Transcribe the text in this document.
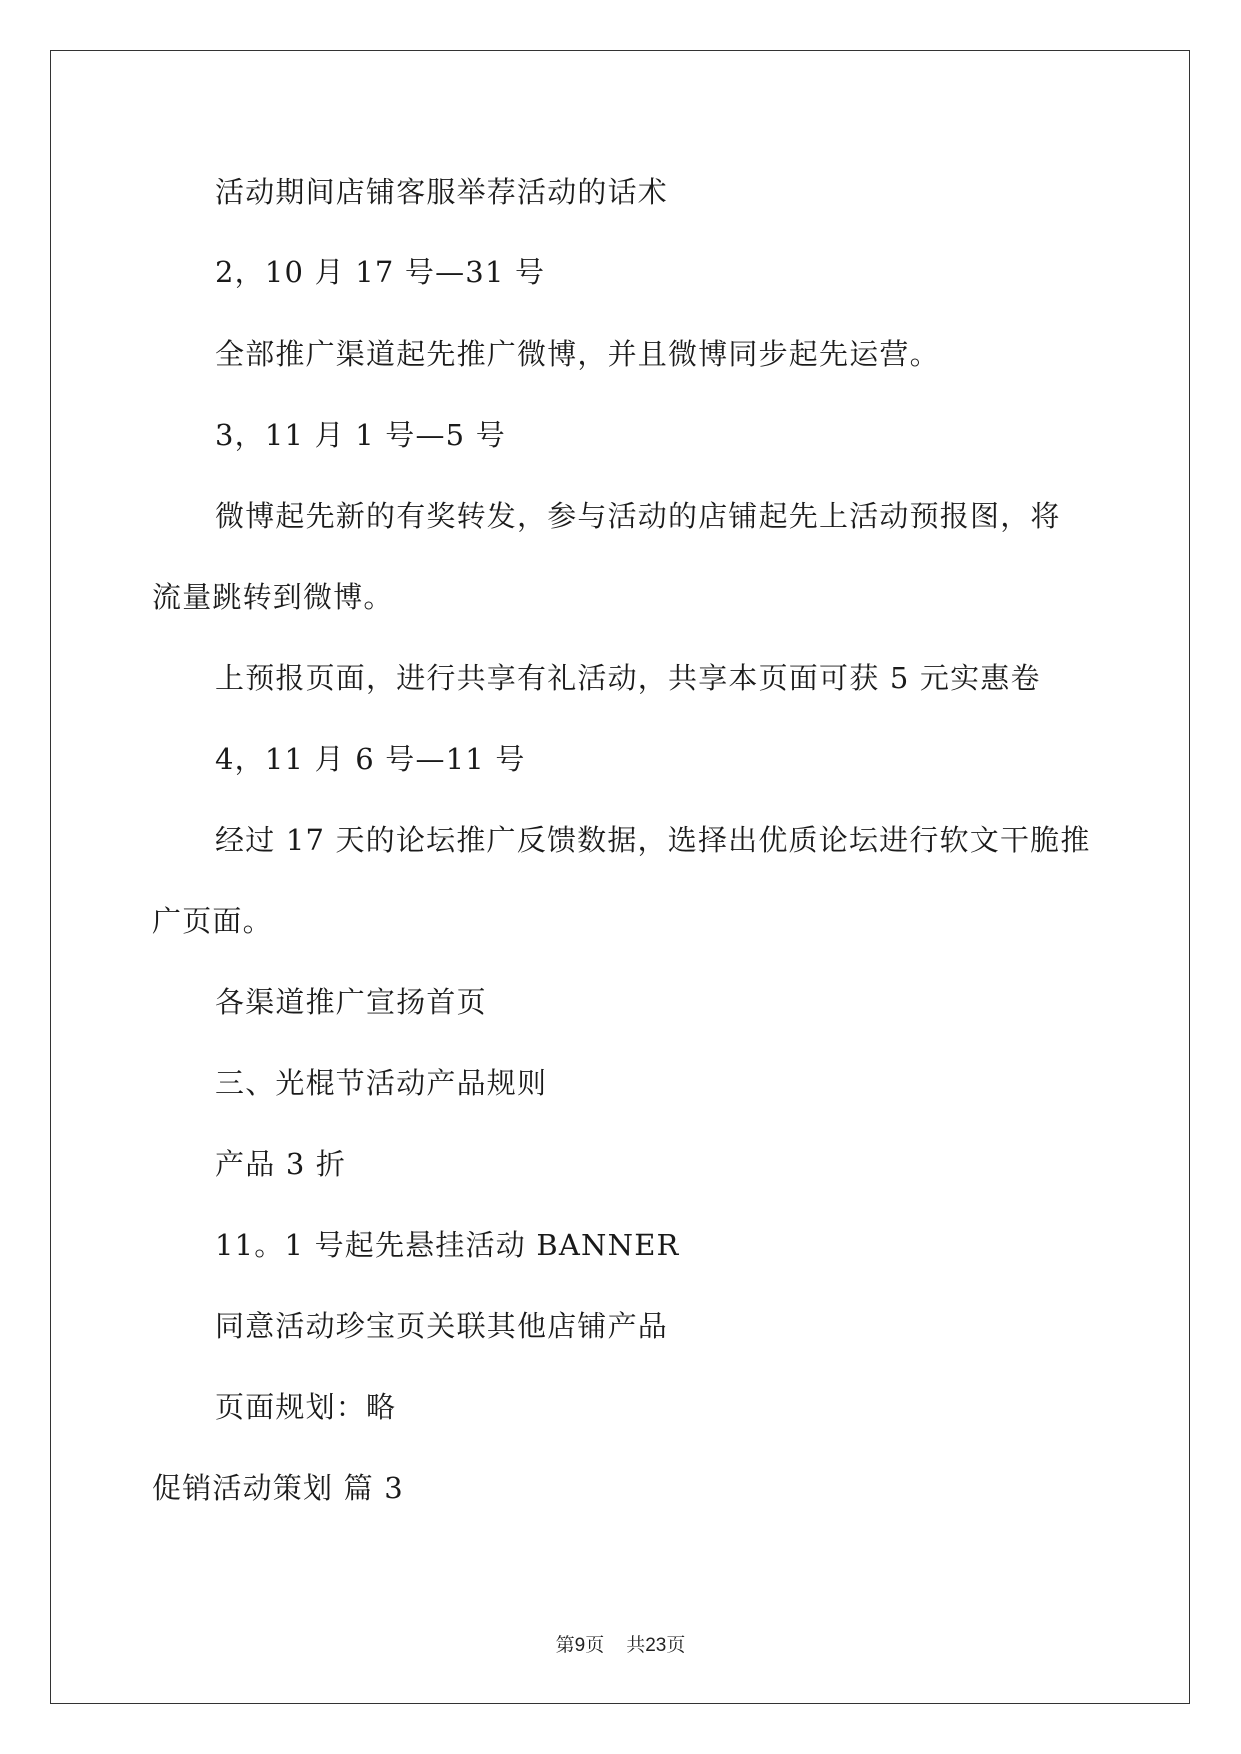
活动期间店铺客服举荐活动的话术
2，10 月 17 号—31 号
全部推广渠道起先推广微博，并且微博同步起先运营。
3，11 月 1 号—5 号
微博起先新的有奖转发，参与活动的店铺起先上活动预报图，将
流量跳转到微博。
上预报页面，进行共享有礼活动，共享本页面可获 5 元实惠卷
4，11 月 6 号—11 号
经过 17 天的论坛推广反馈数据，选择出优质论坛进行软文干脆推
广页面。
各渠道推广宣扬首页
三、光棍节活动产品规则
产品 3 折
11。1 号起先悬挂活动 BANNER
同意活动珍宝页关联其他店铺产品
页面规划：略
促销活动策划 篇 3
第9页 共23页
